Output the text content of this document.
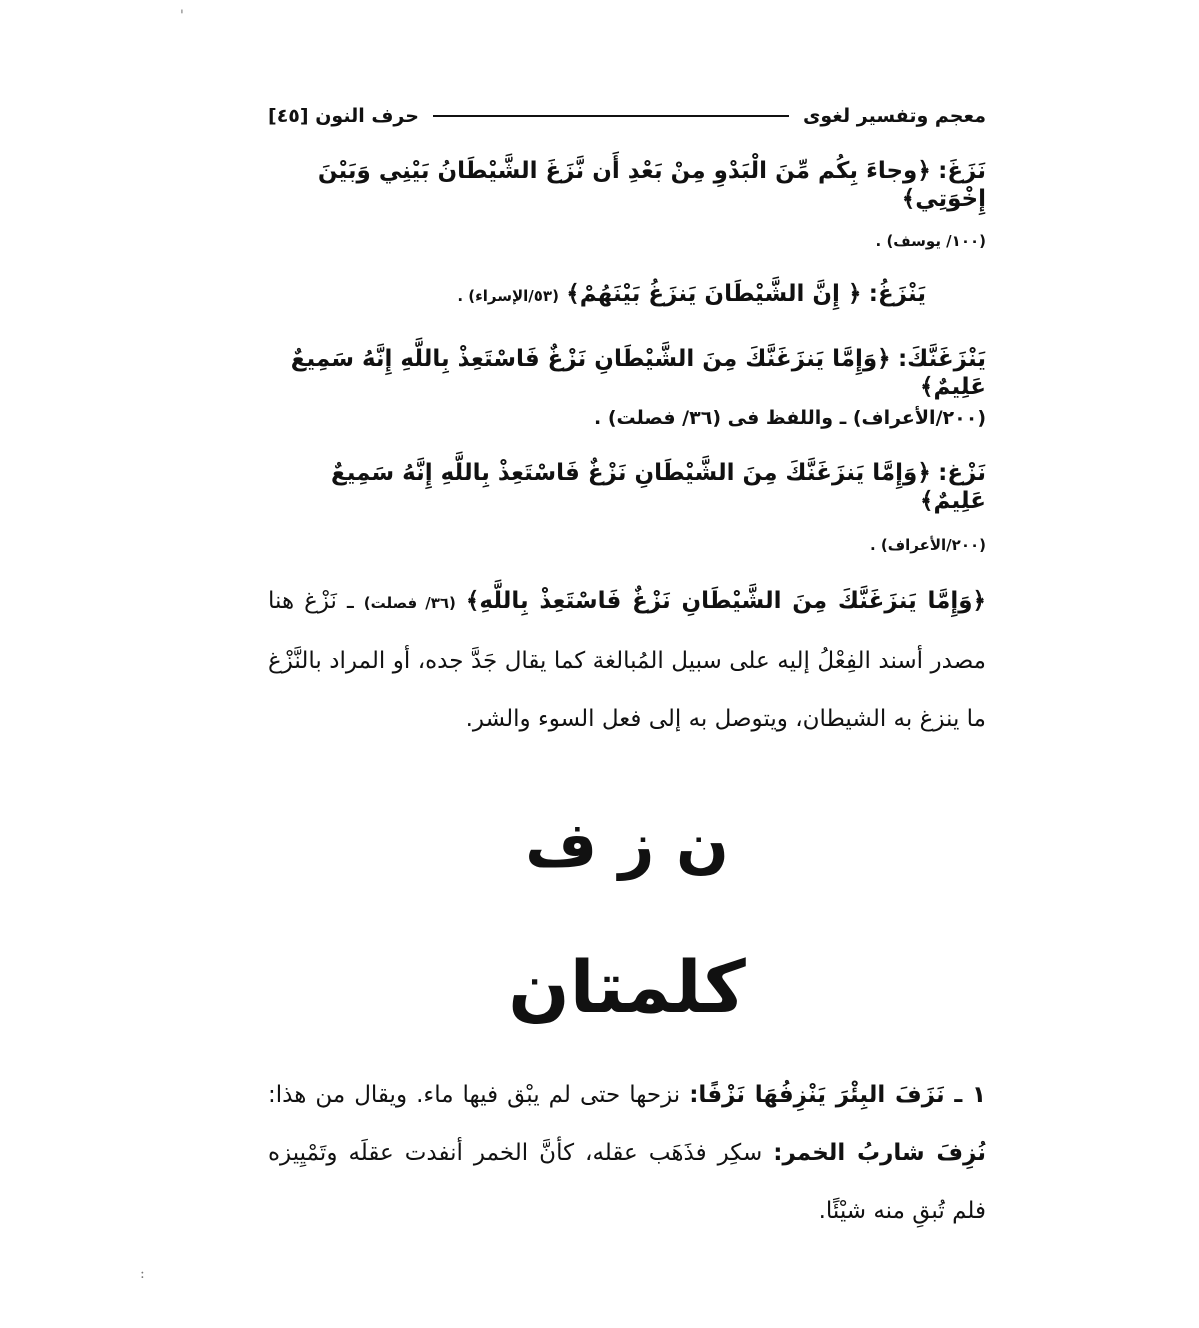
معجم وتفسير لغوى
حرف النون [٤٥]
نَزَغَ: ﴿وجاءَ بِكُم مِّنَ الْبَدْوِ مِنْ بَعْدِ أَن نَّزَغَ الشَّيْطَانُ بَيْنِي وَبَيْنَ إِخْوَتِي﴾
(١٠٠/ يوسف) .
يَنْزَغُ: ﴿ إِنَّ الشَّيْطَانَ يَنزَغُ بَيْنَهُمْ﴾ (٥٣/الإسراء) .
يَنْزَغَنَّكَ: ﴿وَإِمَّا يَنزَغَنَّكَ مِنَ الشَّيْطَانِ نَزْغٌ فَاسْتَعِذْ بِاللَّهِ إِنَّهُ سَمِيعٌ عَلِيمٌ﴾
(٢٠٠/الأعراف) ـ واللفظ فى (٣٦/ فصلت) .
نَزْغ: ﴿وَإِمَّا يَنزَغَنَّكَ مِنَ الشَّيْطَانِ نَزْغٌ فَاسْتَعِذْ بِاللَّهِ إِنَّهُ سَمِيعٌ عَلِيمٌ﴾
(٢٠٠/الأعراف) .
﴿وَإِمَّا يَنزَغَنَّكَ مِنَ الشَّيْطَانِ نَزْغٌ فَاسْتَعِذْ بِاللَّهِ﴾ (٣٦/ فصلت) ـ نَزْغ هنا مصدر أسند الفِعْلُ إليه على سبيل المُبالغة كما يقال جَدَّ جده، أو المراد بالنَّزْغ ما ينزغ به الشيطان، ويتوصل به إلى فعل السوء والشر.
ن ز ف
كلمتان
١ ـ نَزَفَ البِئْرَ يَنْزِفُهَا نَزْفًا: نزحها حتى لم يبْق فيها ماء. ويقال من هذا: نُزِفَ شاربُ الخمر: سكِر فذَهَب عقله، كأنَّ الخمر أنفدت عقلَه وتَمْيِيزه فلم تُبقِ منه شيْئًا.
'
:
